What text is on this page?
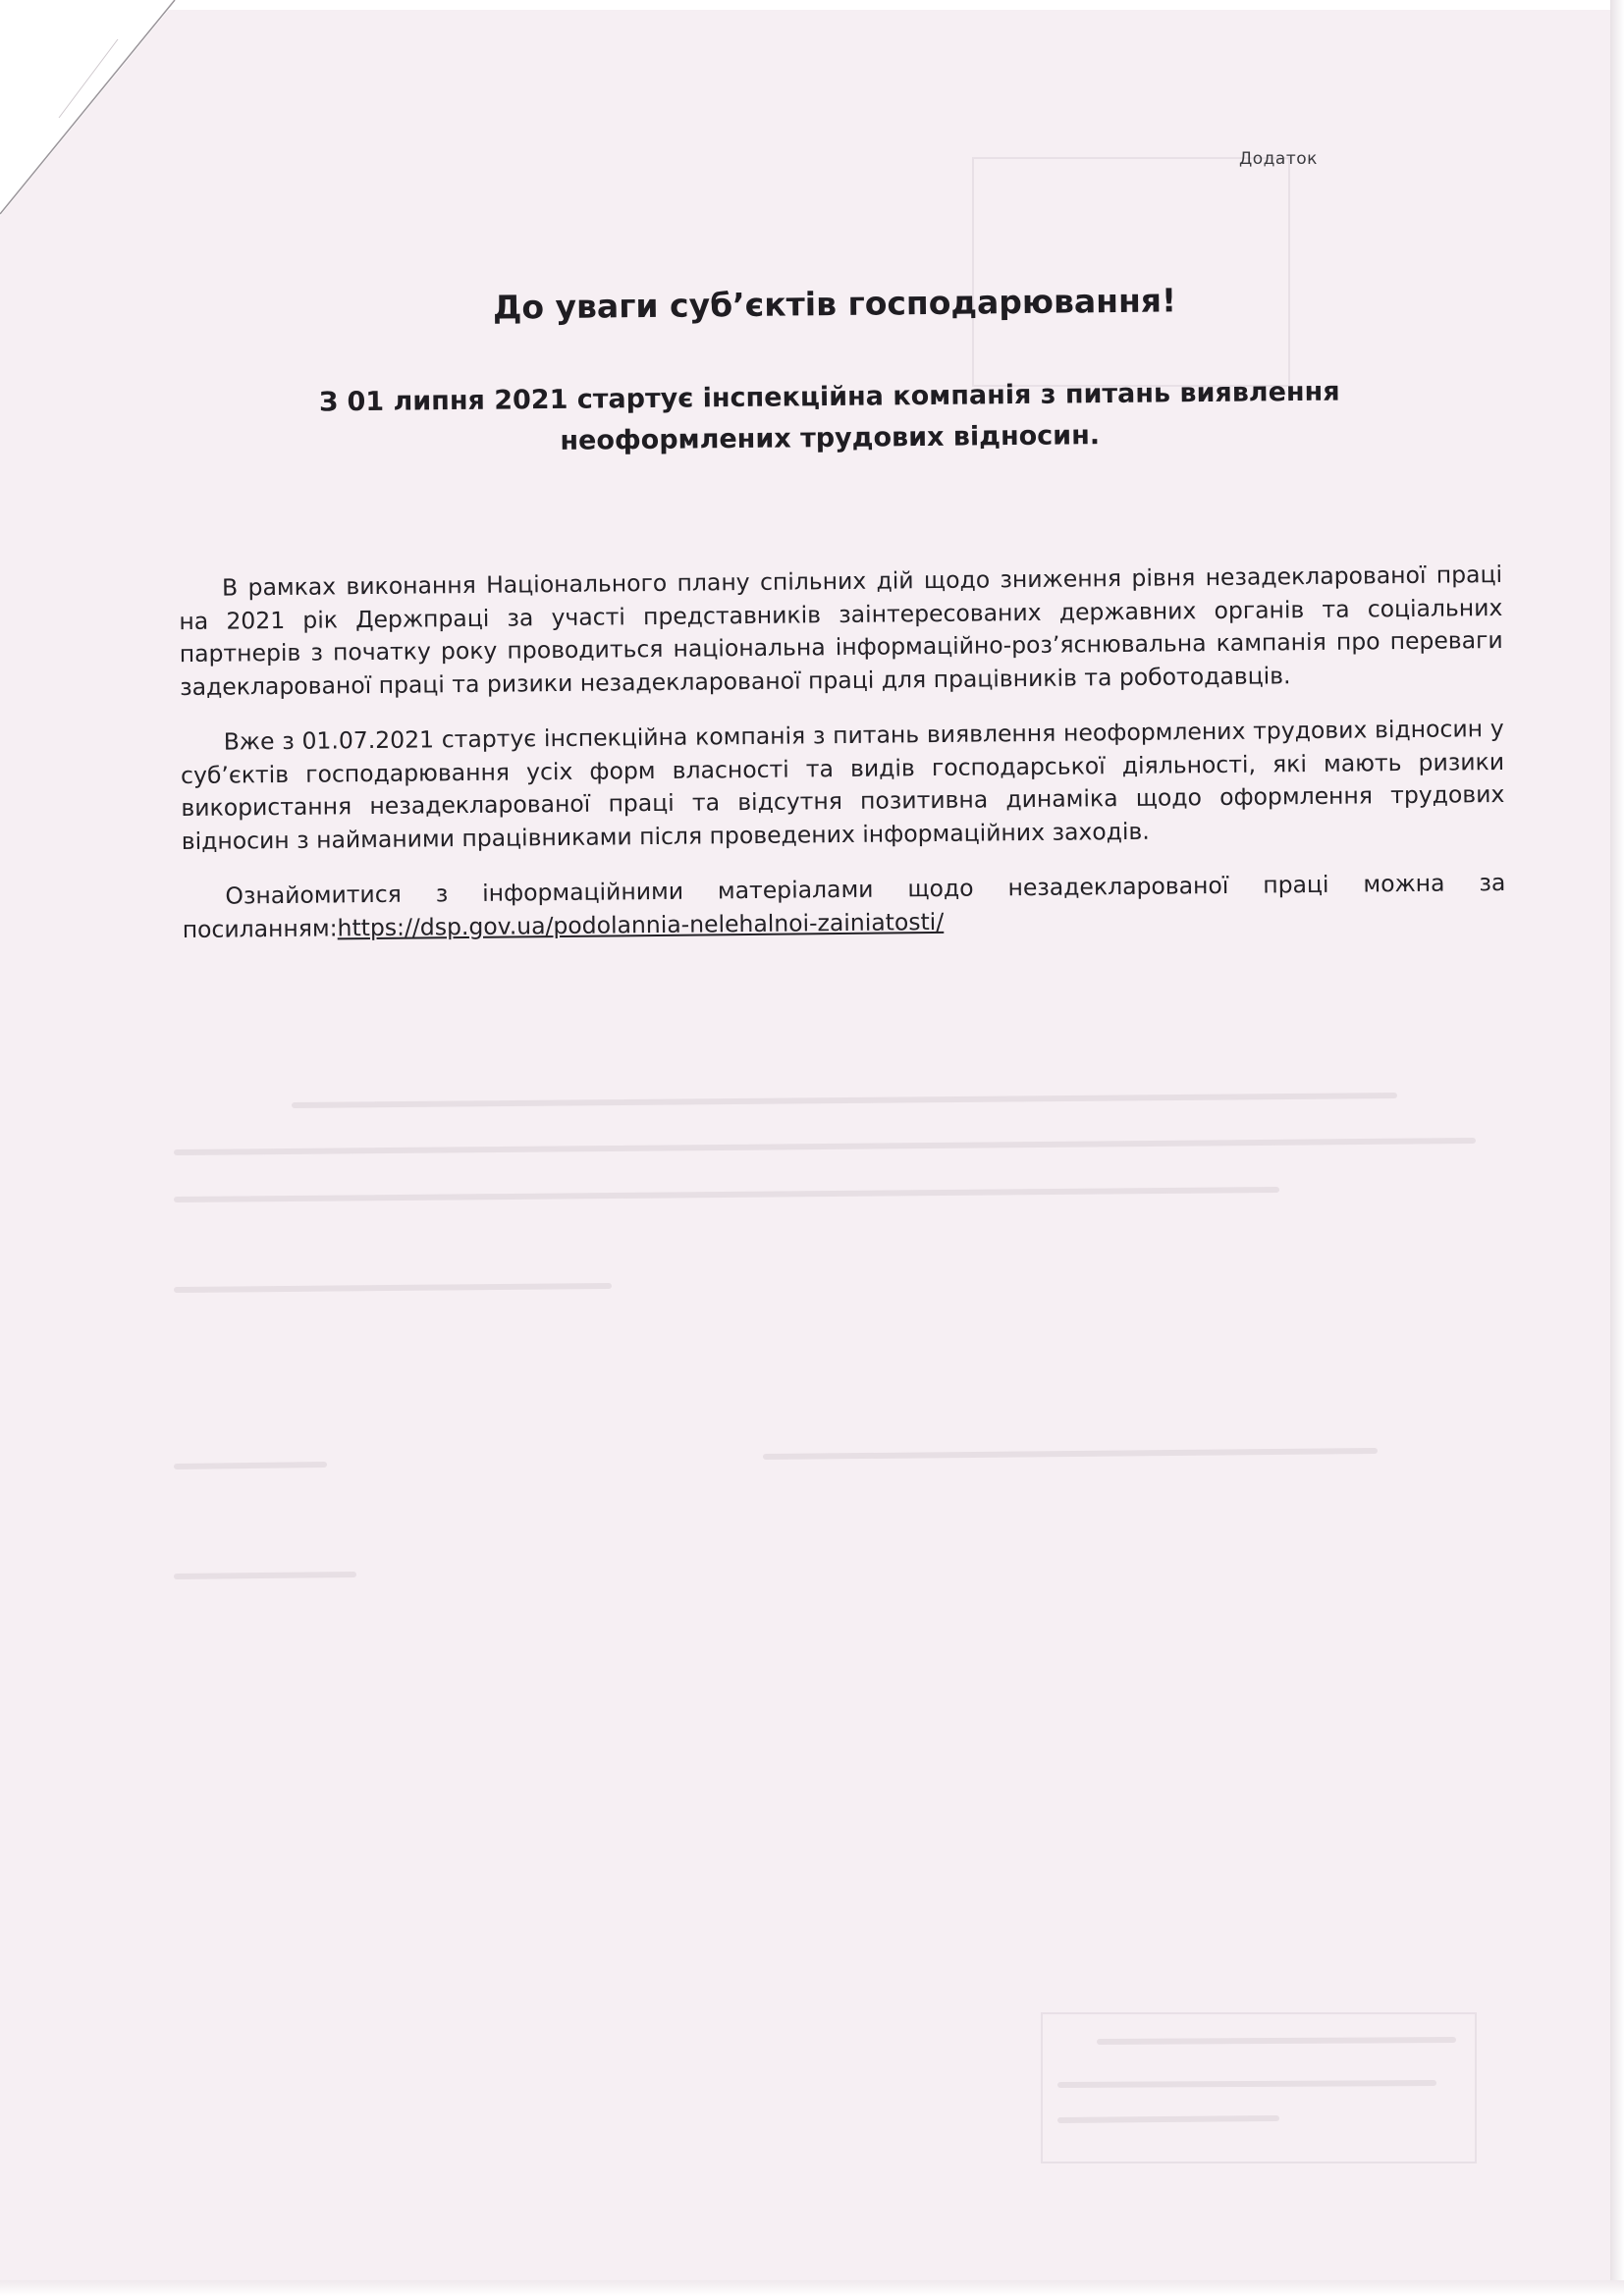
Додаток
До уваги суб’єктів господарювання!
З 01 липня 2021 стартує інспекційна компанія з питань виявлення
неоформлених трудових відносин.

В рамках виконання Національного плану спільних дій щодо зниження рівня незадекларованої праці на 2021 рік Держпраці за участі представників заінтересованих державних органів та соціальних партнерів з початку року проводиться національна інформаційно-роз’яснювальна кампанія про переваги задекларованої праці та ризики незадекларованої праці для працівників та роботодавців.

Вже з 01.07.2021 стартує інспекційна компанія з питань виявлення неоформлених трудових відносин у суб’єктів господарювання усіх форм власності та видів господарської діяльності, які мають ризики використання незадекларованої праці та відсутня позитивна динаміка щодо оформлення трудових відносин з найманими працівниками після проведених інформаційних заходів.

Ознайомитися з інформаційними матеріалами щодо незадекларованої праці можна за посиланням:https://dsp.gov.ua/podolannia-nelehalnoi-zainiatosti/
